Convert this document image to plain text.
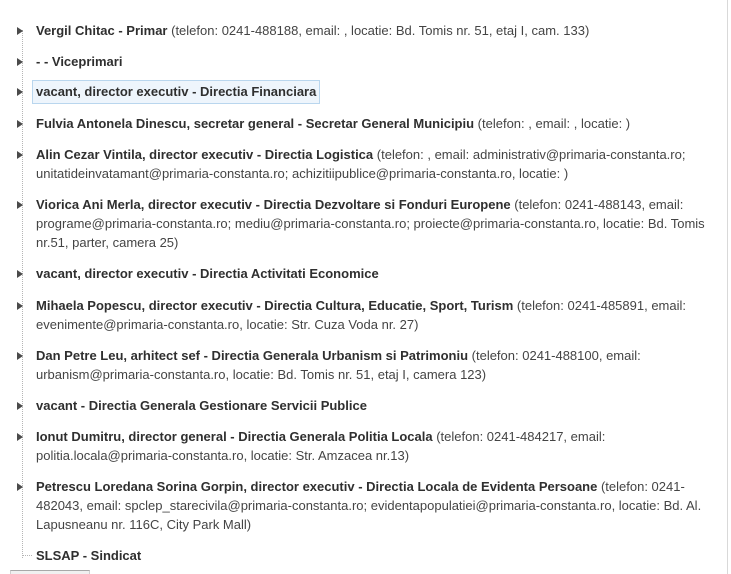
Vergil Chitac - Primar (telefon: 0241-488188, email: , locatie: Bd. Tomis nr. 51, etaj I, cam. 133)
- - Viceprimari
vacant, director executiv - Directia Financiara
Fulvia Antonela Dinescu, secretar general - Secretar General Municipiu (telefon: , email: , locatie: )
Alin Cezar Vintila, director executiv - Directia Logistica (telefon: , email: administrativ@primaria-constanta.ro; unitatideinvatamant@primaria-constanta.ro; achizitiipublice@primaria-constanta.ro, locatie: )
Viorica Ani Merla, director executiv - Directia Dezvoltare si Fonduri Europene (telefon: 0241-488143, email: programe@primaria-constanta.ro; mediu@primaria-constanta.ro; proiecte@primaria-constanta.ro, locatie: Bd. Tomis nr.51, parter, camera 25)
vacant, director executiv - Directia Activitati Economice
Mihaela Popescu, director executiv - Directia Cultura, Educatie, Sport, Turism (telefon: 0241-485891, email: evenimente@primaria-constanta.ro, locatie: Str. Cuza Voda nr. 27)
Dan Petre Leu, arhitect sef - Directia Generala Urbanism si Patrimoniu (telefon: 0241-488100, email: urbanism@primaria-constanta.ro, locatie: Bd. Tomis nr. 51, etaj I, camera 123)
vacant - Directia Generala Gestionare Servicii Publice
Ionut Dumitru, director general - Directia Generala Politia Locala (telefon: 0241-484217, email: politia.locala@primaria-constanta.ro, locatie: Str. Amzacea nr.13)
Petrescu Loredana Sorina Gorpin, director executiv - Directia Locala de Evidenta Persoane (telefon: 0241-482043, email: spclep_starecivila@primaria-constanta.ro; evidentapopulatiei@primaria-constanta.ro, locatie: Bd. Al. Lapusneanu nr. 116C, City Park Mall)
SLSAP - Sindicat
